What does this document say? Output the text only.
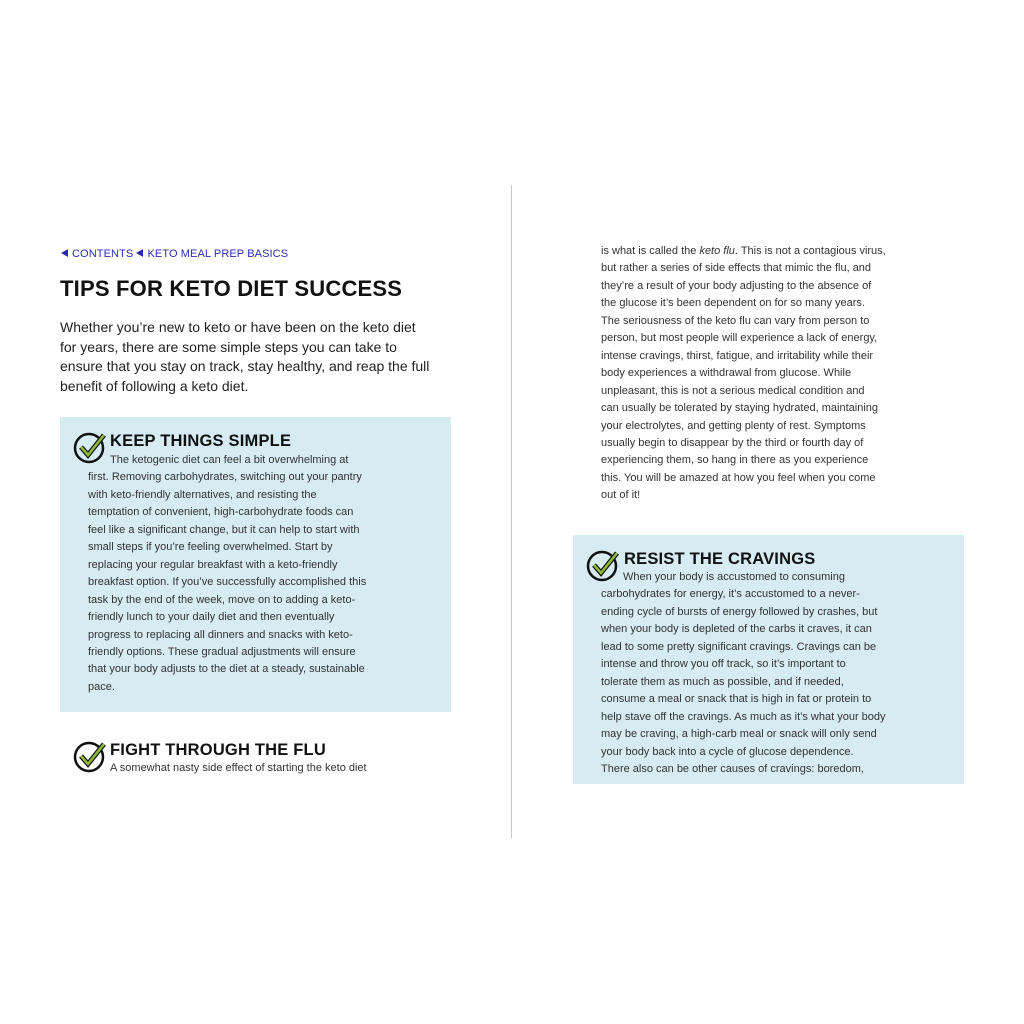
CONTENTS KETO MEAL PREP BASICS
TIPS FOR KETO DIET SUCCESS
Whether you’re new to keto or have been on the keto diet
for years, there are some simple steps you can take to
ensure that you stay on track, stay healthy, and reap the full
benefit of following a keto diet.
KEEP THINGS SIMPLE
The ketogenic diet can feel a bit overwhelming at
first. Removing carbohydrates, switching out your pantry
with keto-friendly alternatives, and resisting the
temptation of convenient, high-carbohydrate foods can
feel like a significant change, but it can help to start with
small steps if you’re feeling overwhelmed. Start by
replacing your regular breakfast with a keto-friendly
breakfast option. If you’ve successfully accomplished this
task by the end of the week, move on to adding a keto-
friendly lunch to your daily diet and then eventually
progress to replacing all dinners and snacks with keto-
friendly options. These gradual adjustments will ensure
that your body adjusts to the diet at a steady, sustainable
pace.
FIGHT THROUGH THE FLU
A somewhat nasty side effect of starting the keto diet
is what is called the keto flu. This is not a contagious virus,
but rather a series of side effects that mimic the flu, and
they’re a result of your body adjusting to the absence of
the glucose it’s been dependent on for so many years.
The seriousness of the keto flu can vary from person to
person, but most people will experience a lack of energy,
intense cravings, thirst, fatigue, and irritability while their
body experiences a withdrawal from glucose. While
unpleasant, this is not a serious medical condition and
can usually be tolerated by staying hydrated, maintaining
your electrolytes, and getting plenty of rest. Symptoms
usually begin to disappear by the third or fourth day of
experiencing them, so hang in there as you experience
this. You will be amazed at how you feel when you come
out of it!
RESIST THE CRAVINGS
When your body is accustomed to consuming
carbohydrates for energy, it’s accustomed to a never-
ending cycle of bursts of energy followed by crashes, but
when your body is depleted of the carbs it craves, it can
lead to some pretty significant cravings. Cravings can be
intense and throw you off track, so it’s important to
tolerate them as much as possible, and if needed,
consume a meal or snack that is high in fat or protein to
help stave off the cravings. As much as it’s what your body
may be craving, a high-carb meal or snack will only send
your body back into a cycle of glucose dependence.
There also can be other causes of cravings: boredom,
